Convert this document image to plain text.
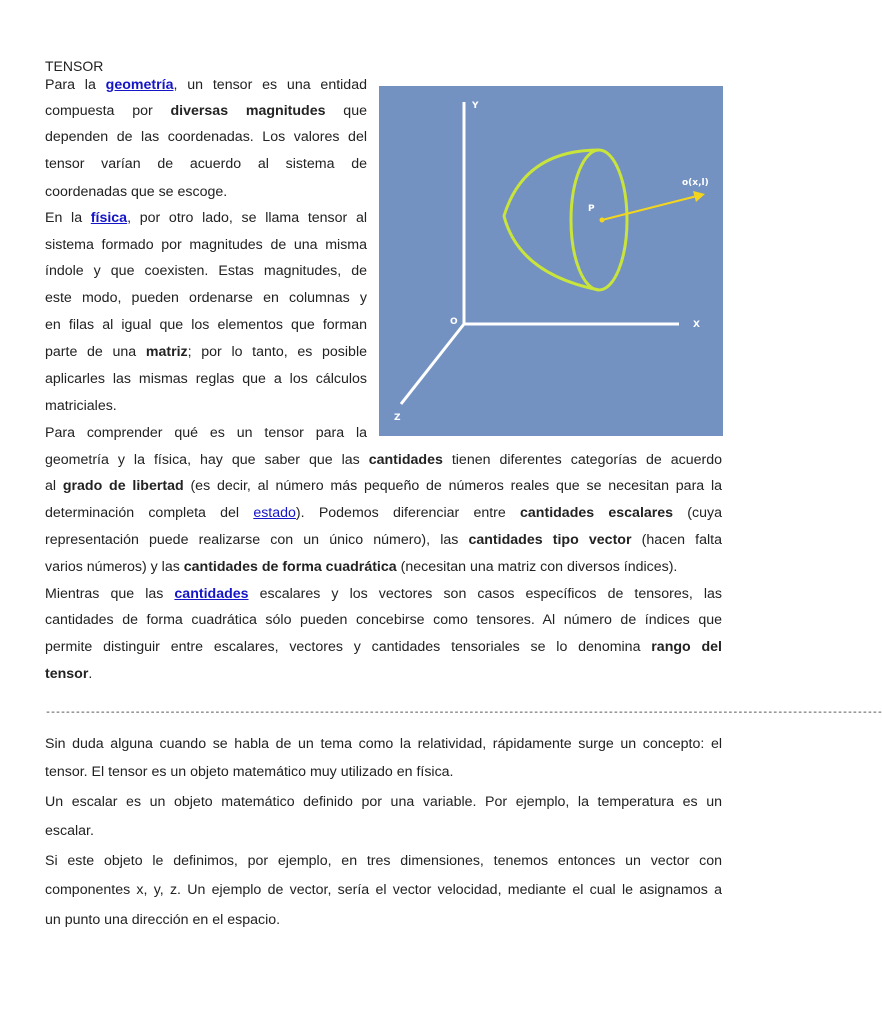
TENSOR
Y
X
Z
O
P
o(x,l)
Para la geometría, un tensor es una entidad
compuesta por diversas magnitudes que
dependen de las coordenadas. Los valores del
tensor varían de acuerdo al sistema de
coordenadas que se escoge.
En la física, por otro lado, se llama tensor al
sistema formado por magnitudes de una misma
índole y que coexisten. Estas magnitudes, de
este modo, pueden ordenarse en columnas y
en filas al igual que los elementos que forman
parte de una matriz; por lo tanto, es posible
aplicarles las mismas reglas que a los cálculos
matriciales.
Para comprender qué es un tensor para la
geometría y la física, hay que saber que las cantidades tienen diferentes categorías de acuerdo
al grado de libertad (es decir, al número más pequeño de números reales que se necesitan para la
determinación completa del estado). Podemos diferenciar entre cantidades escalares (cuya
representación puede realizarse con un único número), las cantidades tipo vector (hacen falta
varios números) y las cantidades de forma cuadrática (necesitan una matriz con diversos índices).
Mientras que las cantidades escalares y los vectores son casos específicos de tensores, las
cantidades de forma cuadrática sólo pueden concebirse como tensores. Al número de índices que
permite distinguir entre escalares, vectores y cantidades tensoriales se lo denomina rango del
tensor.
------------------------------------------------------------------------------------------------------------------------------------------------------------------------
Sin duda alguna cuando se habla de un tema como la relatividad, rápidamente surge un concepto: el
tensor. El tensor es un objeto matemático muy utilizado en física.
Un escalar es un objeto matemático definido por una variable. Por ejemplo, la temperatura es un
escalar.
Si este objeto le definimos, por ejemplo, en tres dimensiones, tenemos entonces un vector con
componentes x, y, z. Un ejemplo de vector, sería el vector velocidad, mediante el cual le asignamos a
un punto una dirección en el espacio.
